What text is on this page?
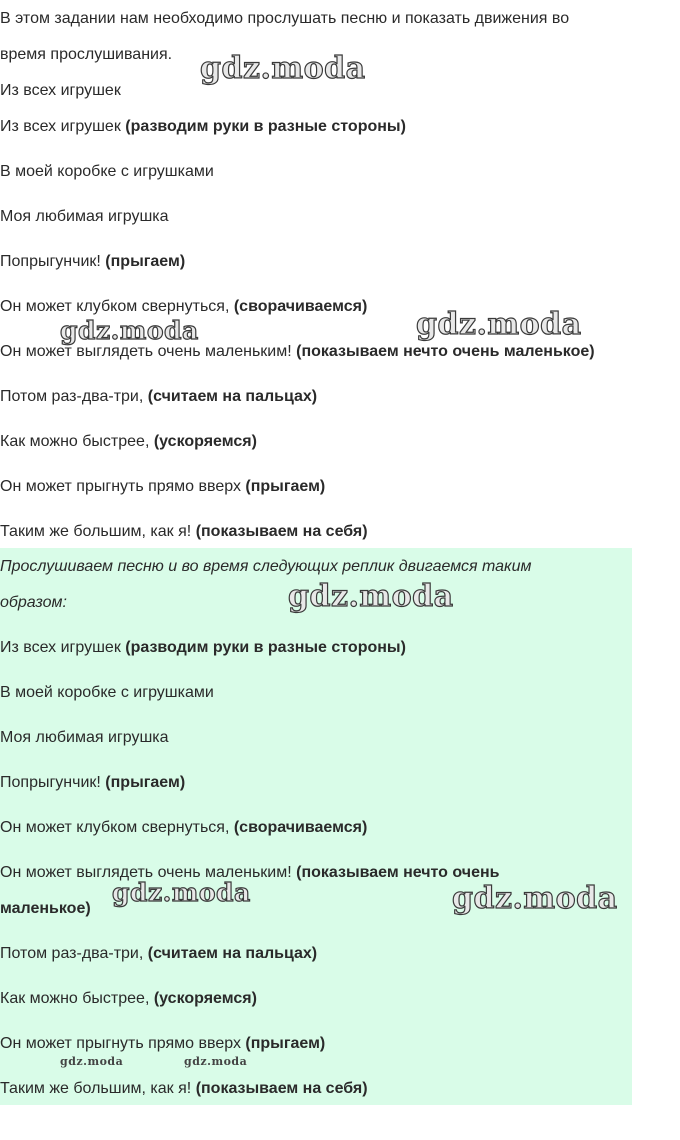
В этом задании нам необходимо прослушать песню и показать движения во
время прослушивания.
Из всех игрушек
Из всех игрушек (разводим руки в разные стороны)
В моей коробке с игрушками
Моя любимая игрушка
Попрыгунчик! (прыгаем)
Он может клубком свернуться, (сворачиваемся)
Он может выглядеть очень маленьким! (показываем нечто очень маленькое)
Потом раз-два-три, (считаем на пальцах)
Как можно быстрее, (ускоряемся)
Он может прыгнуть прямо вверх (прыгаем)
Таким же большим, как я! (показываем на себя)
Прослушиваем песню и во время следующих реплик двигаемся таким
образом:
Из всех игрушек (разводим руки в разные стороны)
В моей коробке с игрушками
Моя любимая игрушка
Попрыгунчик! (прыгаем)
Он может клубком свернуться, (сворачиваемся)
Он может выглядеть очень маленьким! (показываем нечто очень
маленькое)
Потом раз-два-три, (считаем на пальцах)
Как можно быстрее, (ускоряемся)
Он может прыгнуть прямо вверх (прыгаем)
Таким же большим, как я! (показываем на себя)
gdz.moda
gdz.moda	gdz.moda
gdz.moda
gdz.moda	gdz.moda
gdz.moda	gdz.moda
